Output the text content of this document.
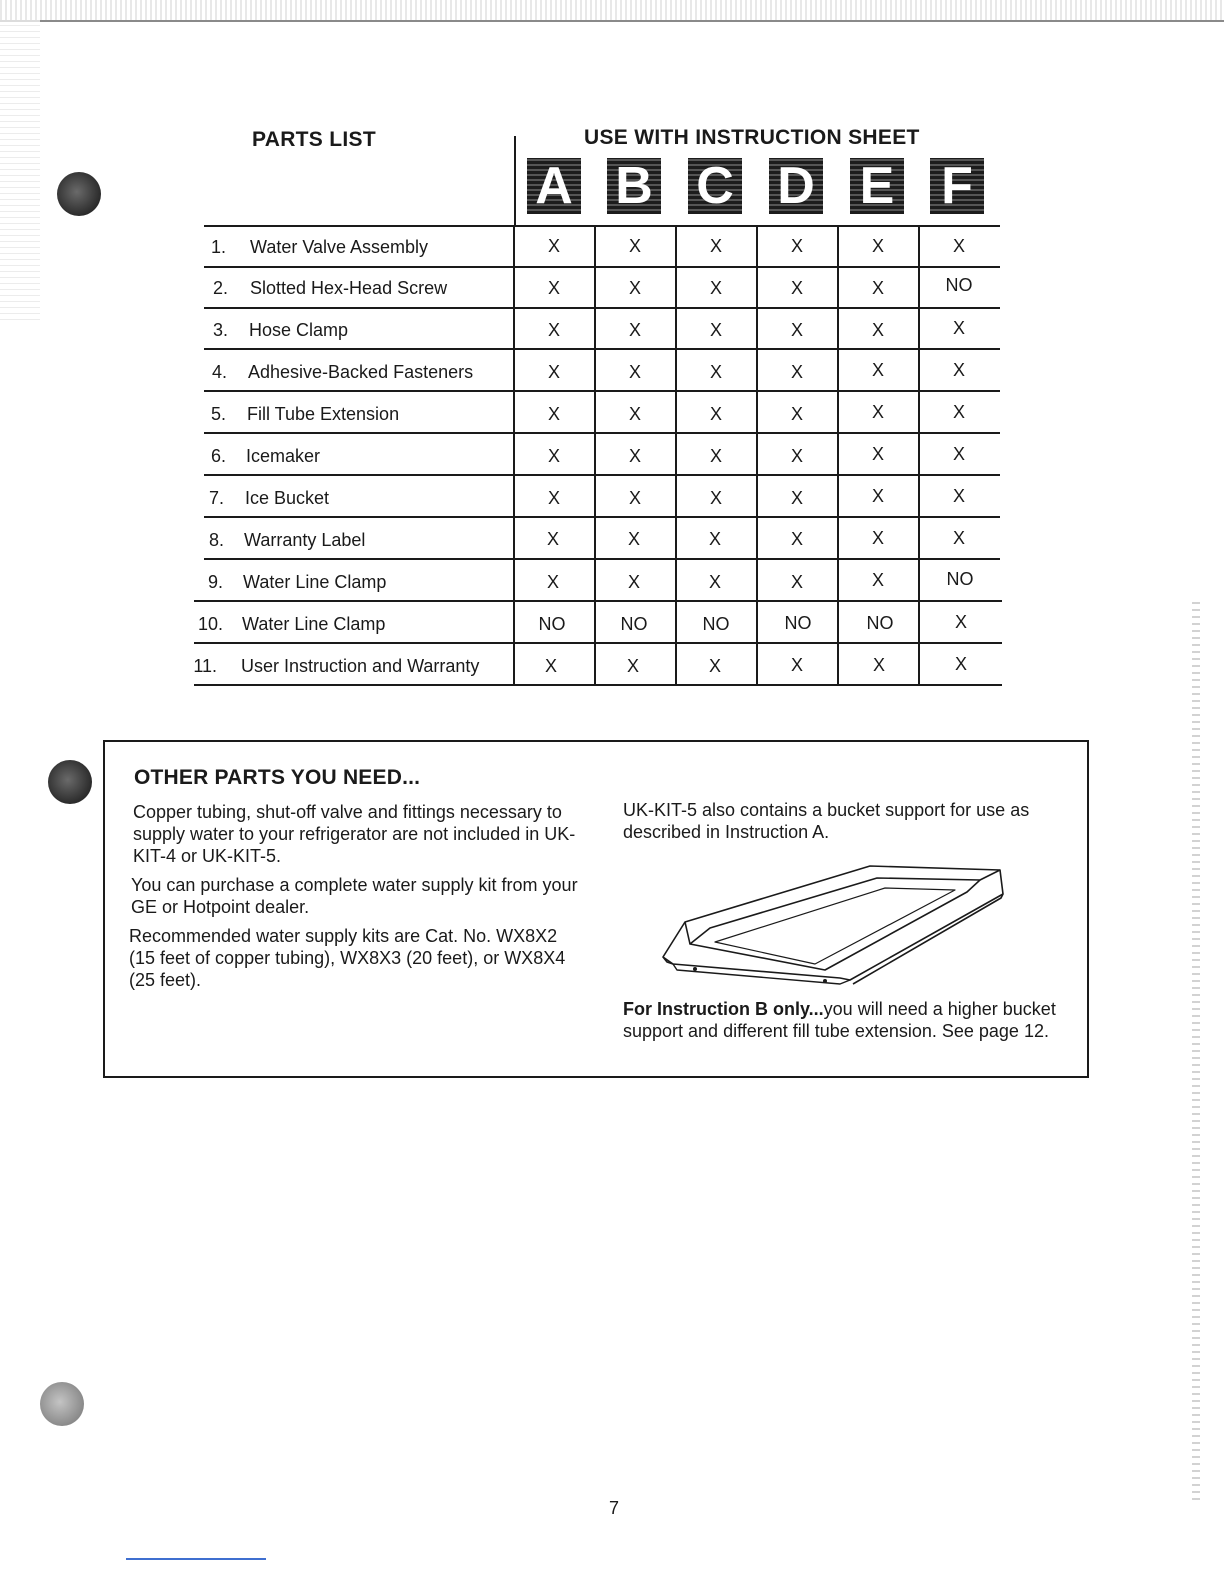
PARTS LIST	USE WITH INSTRUCTION SHEET
A B C D E F
1. Water Valve Assembly	X	X	X	X	X	X
2. Slotted Hex-Head Screw	X	X	X	X	X	NO
3. Hose Clamp	X	X	X	X	X	X
4. Adhesive-Backed Fasteners	X	X	X	X	X	X
5. Fill Tube Extension	X	X	X	X	X	X
6. Icemaker	X	X	X	X	X	X
7. Ice Bucket	X	X	X	X	X	X
8. Warranty Label	X	X	X	X	X	X
9. Water Line Clamp	X	X	X	X	X	NO
10. Water Line Clamp	NO	NO	NO	NO	NO	X
11. User Instruction and Warranty	X	X	X	X	X	X
OTHER PARTS YOU NEED...
Copper tubing, shut-off valve and fittings necessary to supply water to your refrigerator are not included in UK-KIT-4 or UK-KIT-5.
You can purchase a complete water supply kit from your GE or Hotpoint dealer.
Recommended water supply kits are Cat. No. WX8X2 (15 feet of copper tubing), WX8X3 (20 feet), or WX8X4 (25 feet).
UK-KIT-5 also contains a bucket support for use as described in Instruction A.
For Instruction B only...you will need a higher bucket support and different fill tube extension. See page 12.
7
